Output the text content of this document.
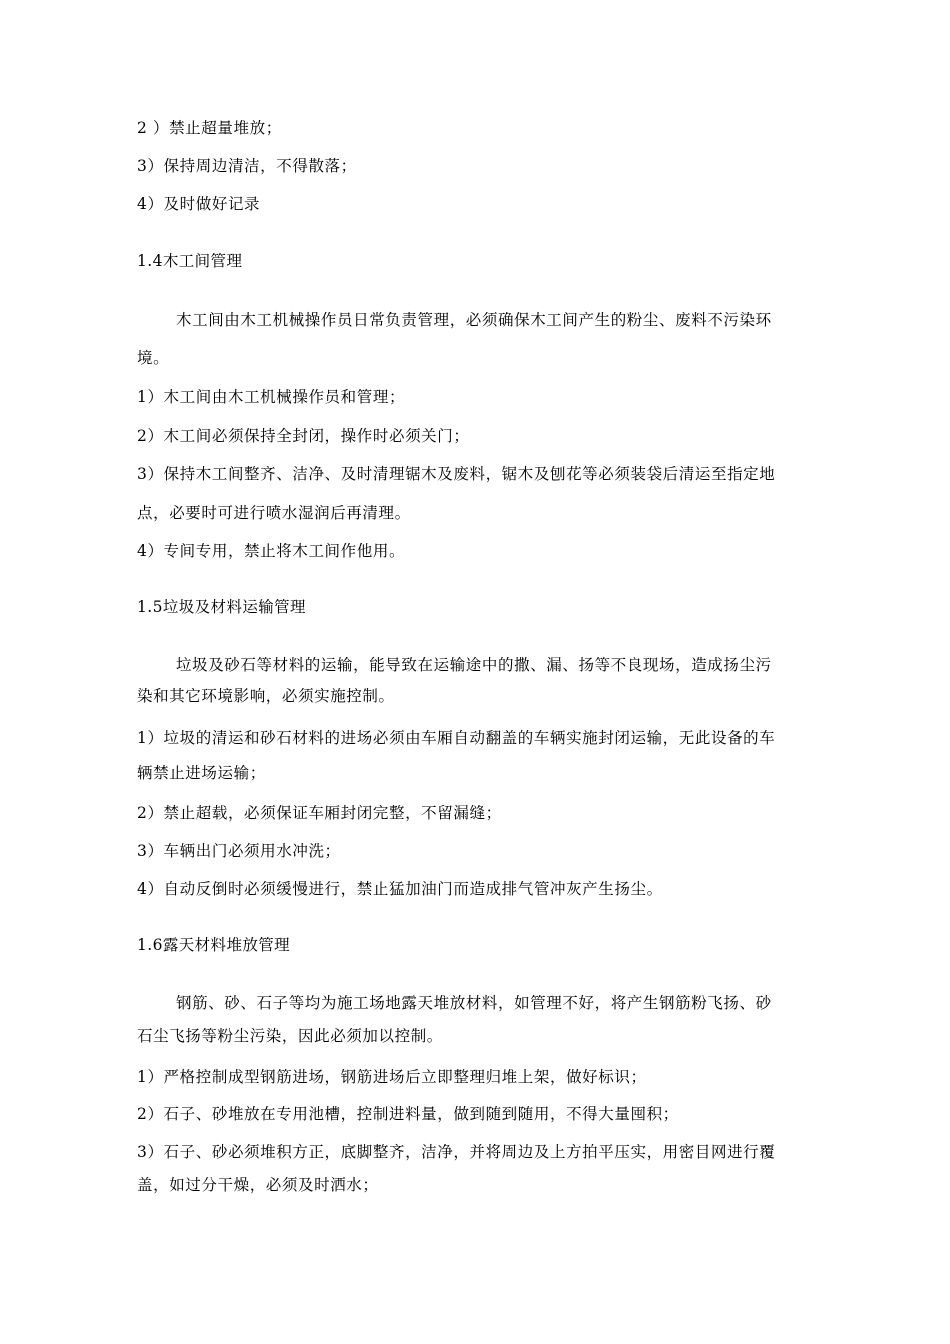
2 ）禁止超量堆放；
3）保持周边清洁，不得散落；
4）及时做好记录
1.4木工间管理
木工间由木工机械操作员日常负责管理，必须确保木工间产生的粉尘、废料不污染环
境。
1）木工间由木工机械操作员和管理；
2）木工间必须保持全封闭，操作时必须关门；
3）保持木工间整齐、洁净、及时清理锯木及废料，锯木及刨花等必须装袋后清运至指定地
点，必要时可进行喷水湿润后再清理。
4）专间专用，禁止将木工间作他用。
1.5垃圾及材料运输管理
垃圾及砂石等材料的运输，能导致在运输途中的撒、漏、扬等不良现场，造成扬尘污
染和其它环境影响，必须实施控制。
1）垃圾的清运和砂石材料的进场必须由车厢自动翻盖的车辆实施封闭运输，无此设备的车
辆禁止进场运输；
2）禁止超载，必须保证车厢封闭完整，不留漏缝；
3）车辆出门必须用水冲洗；
4）自动反倒时必须缓慢进行，禁止猛加油门而造成排气管冲灰产生扬尘。
1.6露天材料堆放管理
钢筋、砂、石子等均为施工场地露天堆放材料，如管理不好，将产生钢筋粉飞扬、砂
石尘飞扬等粉尘污染，因此必须加以控制。
1）严格控制成型钢筋进场，钢筋进场后立即整理归堆上架，做好标识；
2）石子、砂堆放在专用池槽，控制进料量，做到随到随用，不得大量囤积；
3）石子、砂必须堆积方正，底脚整齐，洁净，并将周边及上方拍平压实，用密目网进行覆
盖，如过分干燥，必须及时洒水；
